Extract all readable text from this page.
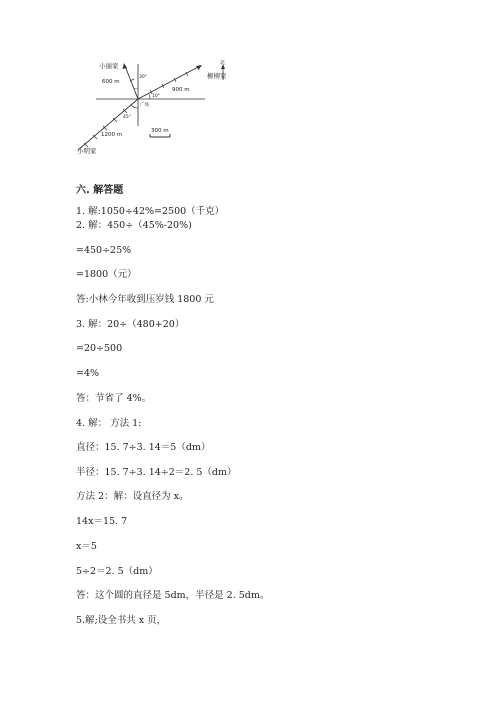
小丽家
柳柳家
小明家
北
广场
600 m
900 m
1200 m
300 m
30°
10°
45°
六. 解答题
1. 解:1050÷42%=2500（千克）
2. 解：450÷（45%-20%)
=450÷25%
=1800（元）
答:小林今年收到压岁钱 1800 元
3. 解：20÷（480+20）
=20÷500
=4%
答：节省了 4%。
4. 解： 方法 1:
直径：15. 7÷3. 14＝5（dm）
半径：15. 7÷3. 14÷2＝2. 5（dm）
方法 2：解：设直径为 x。
14x＝15. 7
x＝5
5÷2＝2. 5（dm）
答：这个圆的直径是 5dm，半径是 2. 5dm。
5.解;设全书共 x 页，
